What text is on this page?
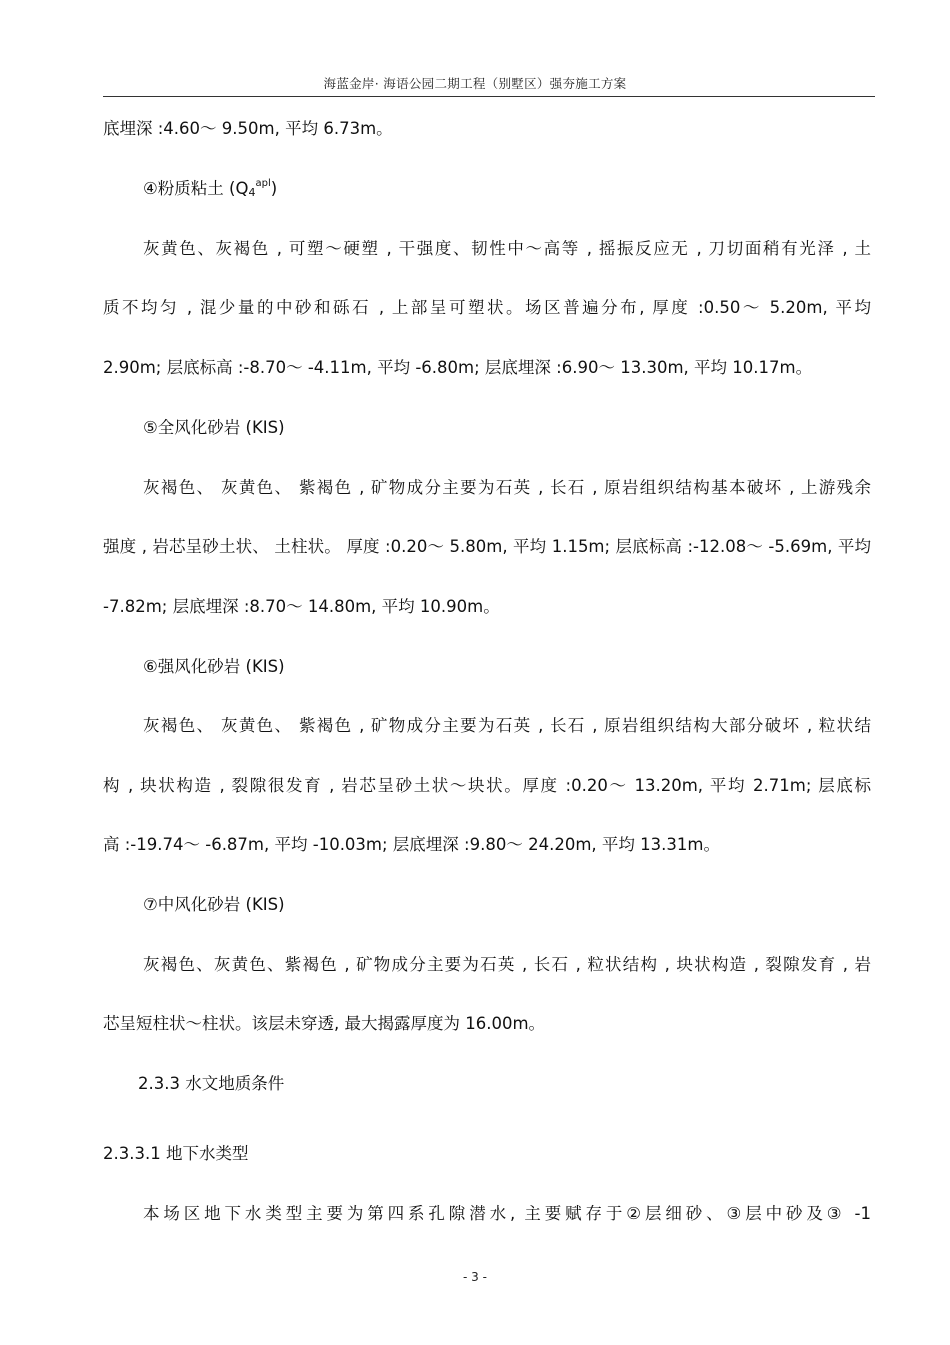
海蓝金岸· 海语公园二期工程（别墅区）强夯施工方案
底埋深 :4.60～ 9.50m, 平均 6.73m。
④粉质粘土 $(Q_4^{apl})$
灰黄色、灰褐色 , 可塑～硬塑 , 干强度、韧性中～高等 , 摇振反应无 , 刀切面稍有光泽 , 土
质不均匀 , 混少量的中砂和砾石 , 上部呈可塑状。场区普遍分布, 厚度 :0.50～ 5.20m, 平均
2.90m; 层底标高 :-8.70～ -4.11m, 平均 -6.80m; 层底埋深 :6.90～ 13.30m, 平均 10.17m。
⑤全风化砂岩 (KIS)
灰褐色、 灰黄色、 紫褐色 , 矿物成分主要为石英 , 长石 , 原岩组织结构基本破坏 , 上游残余
强度 , 岩芯呈砂土状、 土柱状。 厚度 :0.20～ 5.80m, 平均 1.15m; 层底标高 :-12.08～ -5.69m, 平均
-7.82m; 层底埋深 :8.70～ 14.80m, 平均 10.90m。
⑥强风化砂岩 (KIS)
灰褐色、 灰黄色、 紫褐色 , 矿物成分主要为石英 , 长石 , 原岩组织结构大部分破坏 , 粒状结
构 , 块状构造 , 裂隙很发育 , 岩芯呈砂土状～块状。厚度 :0.20～ 13.20m, 平均 2.71m; 层底标
高 :-19.74～ -6.87m, 平均 -10.03m; 层底埋深 :9.80～ 24.20m, 平均 13.31m。
⑦中风化砂岩 (KIS)
灰褐色、灰黄色、紫褐色 , 矿物成分主要为石英 , 长石 , 粒状结构 , 块状构造 , 裂隙发育 , 岩
芯呈短柱状～柱状。该层未穿透, 最大揭露厚度为 16.00m。
2.3.3 水文地质条件
2.3.3.1 地下水类型
本场区地下水类型主要为第四系孔隙潜水, 主要赋存于②层细砂、③层中砂及③ -1
- 3 -
